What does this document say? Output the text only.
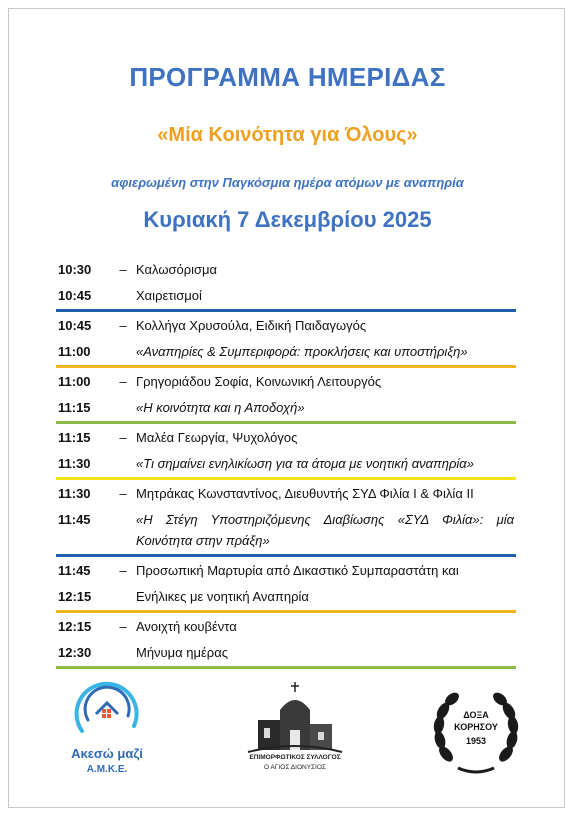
ΠΡΟΓΡΑΜΜΑ ΗΜΕΡΙΔΑΣ
«Μία Κοινότητα για Όλους»
αφιερωμένη στην Παγκόσμια ημέρα ατόμων με αναπηρία
Κυριακή 7 Δεκεμβρίου 2025
10:30	– Καλωσόρισμα
10:45	Χαιρετισμοί
10:45	– Κολλήγα Χρυσούλα, Ειδική Παιδαγωγός
11:00	«Αναπηρίες & Συμπεριφορά: προκλήσεις και υποστήριξη»
11:00	– Γρηγοριάδου Σοφία, Κοινωνική Λειτουργός
11:15	«Η κοινότητα και η Αποδοχή»
11:15	– Μαλέα Γεωργία, Ψυχολόγος
11:30	«Τι σημαίνει ενηλικίωση για τα άτομα με νοητική αναπηρία»
11:30	– Μητράκας Κωνσταντίνος, Διευθυντής ΣΥΔ Φιλία Ι & Φιλία ΙΙ
11:45	«Η Στέγη Υποστηριζόμενης Διαβίωσης «ΣΥΔ Φιλία»: μία Κοινότητα στην πράξη»
11:45	– Προσωπική Μαρτυρία από Δικαστικό Συμπαραστάτη και
12:15	Ενήλικες με νοητική Αναπηρία
12:15	– Ανοιχτή κουβέντα
12:30	Μήνυμα ημέρας
Ακεσώ μαζί
Α.Μ.Κ.Ε.
ΕΠΙΜΟΡΦΩΤΙΚΟΣ ΣΥΛΛΟΓΟΣ
Ο ΑΓΙΟΣ ΔΙΟΝΥΣΙΟΣ
ΔΟΞΑ
ΚΟΡΗΣΟΥ
1953
